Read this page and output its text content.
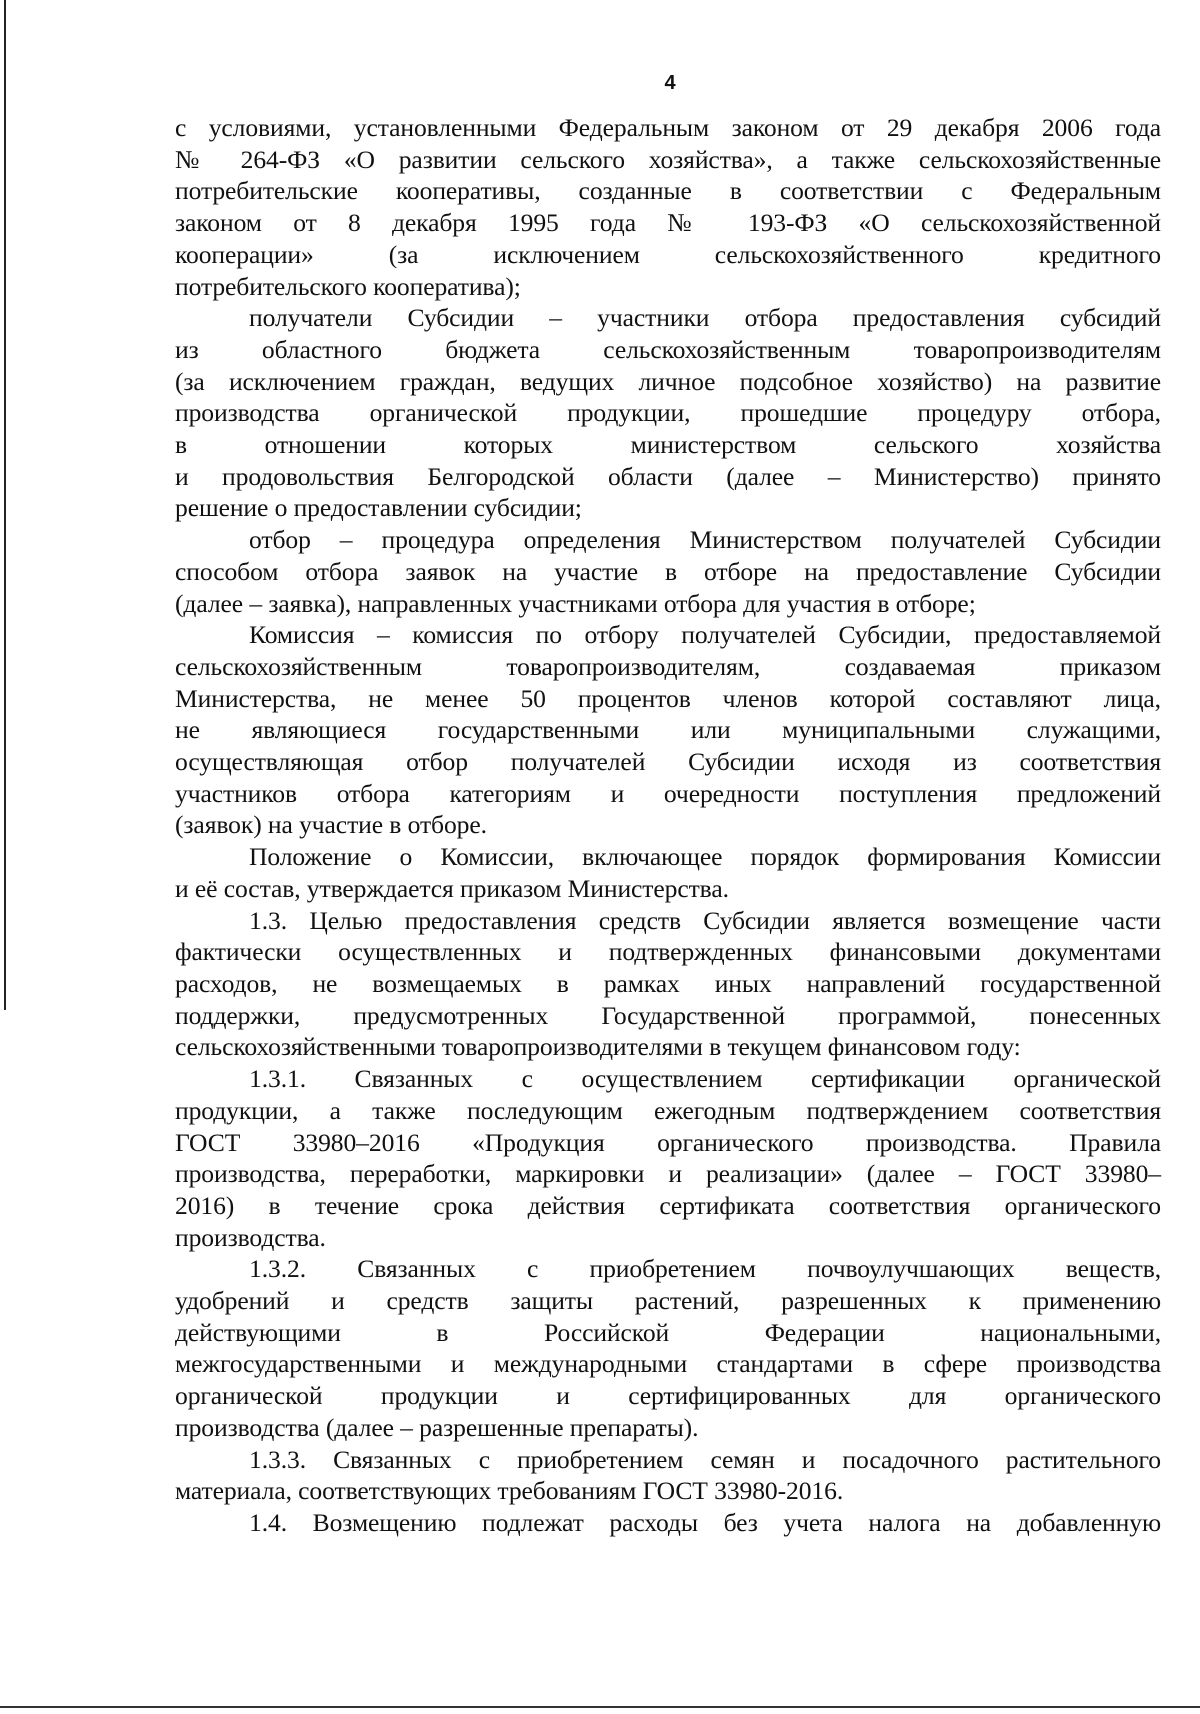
4
с условиями, установленными Федеральным законом от 29 декабря 2006 года
№ 264-ФЗ «О развитии сельского хозяйства», а также сельскохозяйственные
потребительские кооперативы, созданные в соответствии с Федеральным
законом от 8 декабря 1995 года № 193-ФЗ «О сельскохозяйственной
кооперации» (за исключением сельскохозяйственного кредитного
потребительского кооператива);
получатели Субсидии – участники отбора предоставления субсидий
из областного бюджета сельскохозяйственным товаропроизводителям
(за исключением граждан, ведущих личное подсобное хозяйство) на развитие
производства органической продукции, прошедшие процедуру отбора,
в отношении которых министерством сельского хозяйства
и продовольствия Белгородской области (далее – Министерство) принято
решение о предоставлении субсидии;
отбор – процедура определения Министерством получателей Субсидии
способом отбора заявок на участие в отборе на предоставление Субсидии
(далее – заявка), направленных участниками отбора для участия в отборе;
Комиссия – комиссия по отбору получателей Субсидии, предоставляемой
сельскохозяйственным товаропроизводителям, создаваемая приказом
Министерства, не менее 50 процентов членов которой составляют лица,
не являющиеся государственными или муниципальными служащими,
осуществляющая отбор получателей Субсидии исходя из соответствия
участников отбора категориям и очередности поступления предложений
(заявок) на участие в отборе.
Положение о Комиссии, включающее порядок формирования Комиссии
и её состав, утверждается приказом Министерства.
1.3. Целью предоставления средств Субсидии является возмещение части
фактически осуществленных и подтвержденных финансовыми документами
расходов, не возмещаемых в рамках иных направлений государственной
поддержки, предусмотренных Государственной программой, понесенных
сельскохозяйственными товаропроизводителями в текущем финансовом году:
1.3.1. Связанных с осуществлением сертификации органической
продукции, а также последующим ежегодным подтверждением соответствия
ГОСТ 33980–2016 «Продукция органического производства. Правила
производства, переработки, маркировки и реализации» (далее – ГОСТ 33980–
2016) в течение срока действия сертификата соответствия органического
производства.
1.3.2. Связанных с приобретением почвоулучшающих веществ,
удобрений и средств защиты растений, разрешенных к применению
действующими в Российской Федерации национальными,
межгосударственными и международными стандартами в сфере производства
органической продукции и сертифицированных для органического
производства (далее – разрешенные препараты).
1.3.3. Связанных с приобретением семян и посадочного растительного
материала, соответствующих требованиям ГОСТ 33980-2016.
1.4. Возмещению подлежат расходы без учета налога на добавленную
